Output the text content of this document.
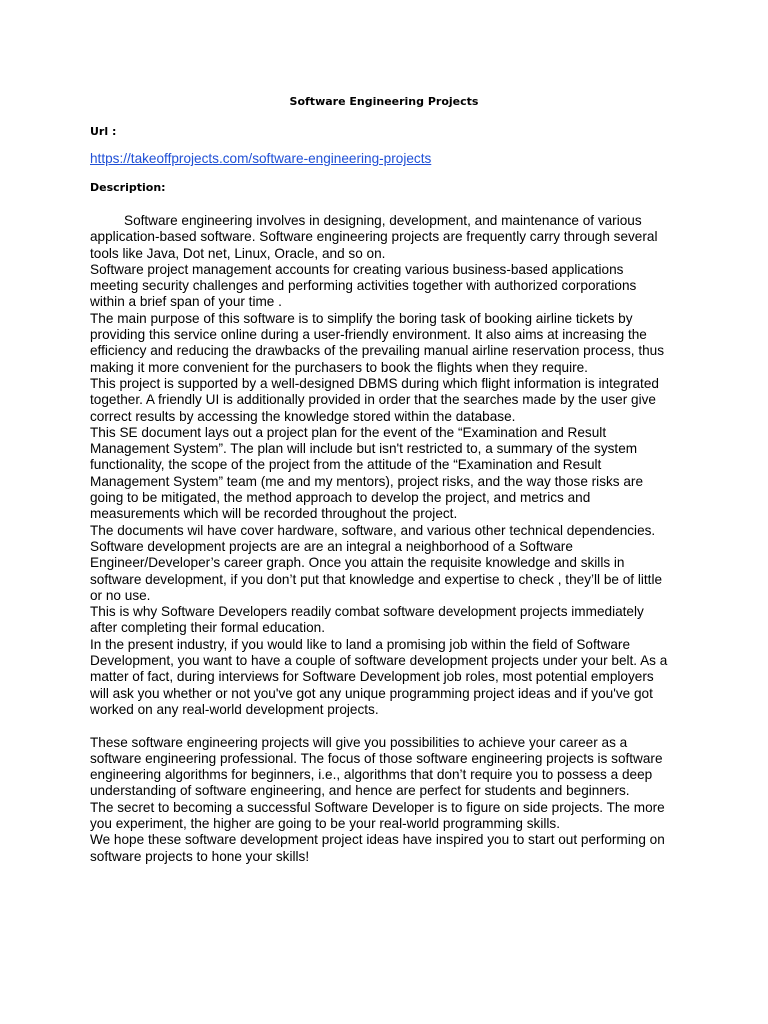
Software Engineering Projects
Url :
https://takeoffprojects.com/software-engineering-projects
Description:

Software engineering involves in designing, development, and maintenance of various

application-based software. Software engineering projects are frequently carry through several

tools like Java, Dot net, Linux, Oracle, and so on.

Software project management accounts for creating various business-based applications

meeting security challenges and performing activities together with authorized corporations

within a brief span of your time .

The main purpose of this software is to simplify the boring task of booking airline tickets by

providing this service online during a user-friendly environment. It also aims at increasing the

efficiency and reducing the drawbacks of the prevailing manual airline reservation process, thus

making it more convenient for the purchasers to book the flights when they require.

This project is supported by a well-designed DBMS during which flight information is integrated

together. A friendly UI is additionally provided in order that the searches made by the user give

correct results by accessing the knowledge stored within the database.

This SE document lays out a project plan for the event of the “Examination and Result

Management System”. The plan will include but isn't restricted to, a summary of the system

functionality, the scope of the project from the attitude of the “Examination and Result

Management System” team (me and my mentors), project risks, and the way those risks are

going to be mitigated, the method approach to develop the project, and metrics and

measurements which will be recorded throughout the project.

The documents wil have cover hardware, software, and various other technical dependencies.

Software development projects are are an integral a neighborhood of a Software

Engineer/Developer’s career graph. Once you attain the requisite knowledge and skills in

software development, if you don’t put that knowledge and expertise to check , they’ll be of little

or no use.

This is why Software Developers readily combat software development projects immediately

after completing their formal education.

In the present industry, if you would like to land a promising job within the field of Software

Development, you want to have a couple of software development projects under your belt. As a

matter of fact, during interviews for Software Development job roles, most potential employers

will ask you whether or not you've got any unique programming project ideas and if you've got

worked on any real-world development projects.

These software engineering projects will give you possibilities to achieve your career as a

software engineering professional. The focus of those software engineering projects is software

engineering algorithms for beginners, i.e., algorithms that don’t require you to possess a deep

understanding of software engineering, and hence are perfect for students and beginners.

The secret to becoming a successful Software Developer is to figure on side projects. The more

you experiment, the higher are going to be your real-world programming skills.

We hope these software development project ideas have inspired you to start out performing on

software projects to hone your skills!
